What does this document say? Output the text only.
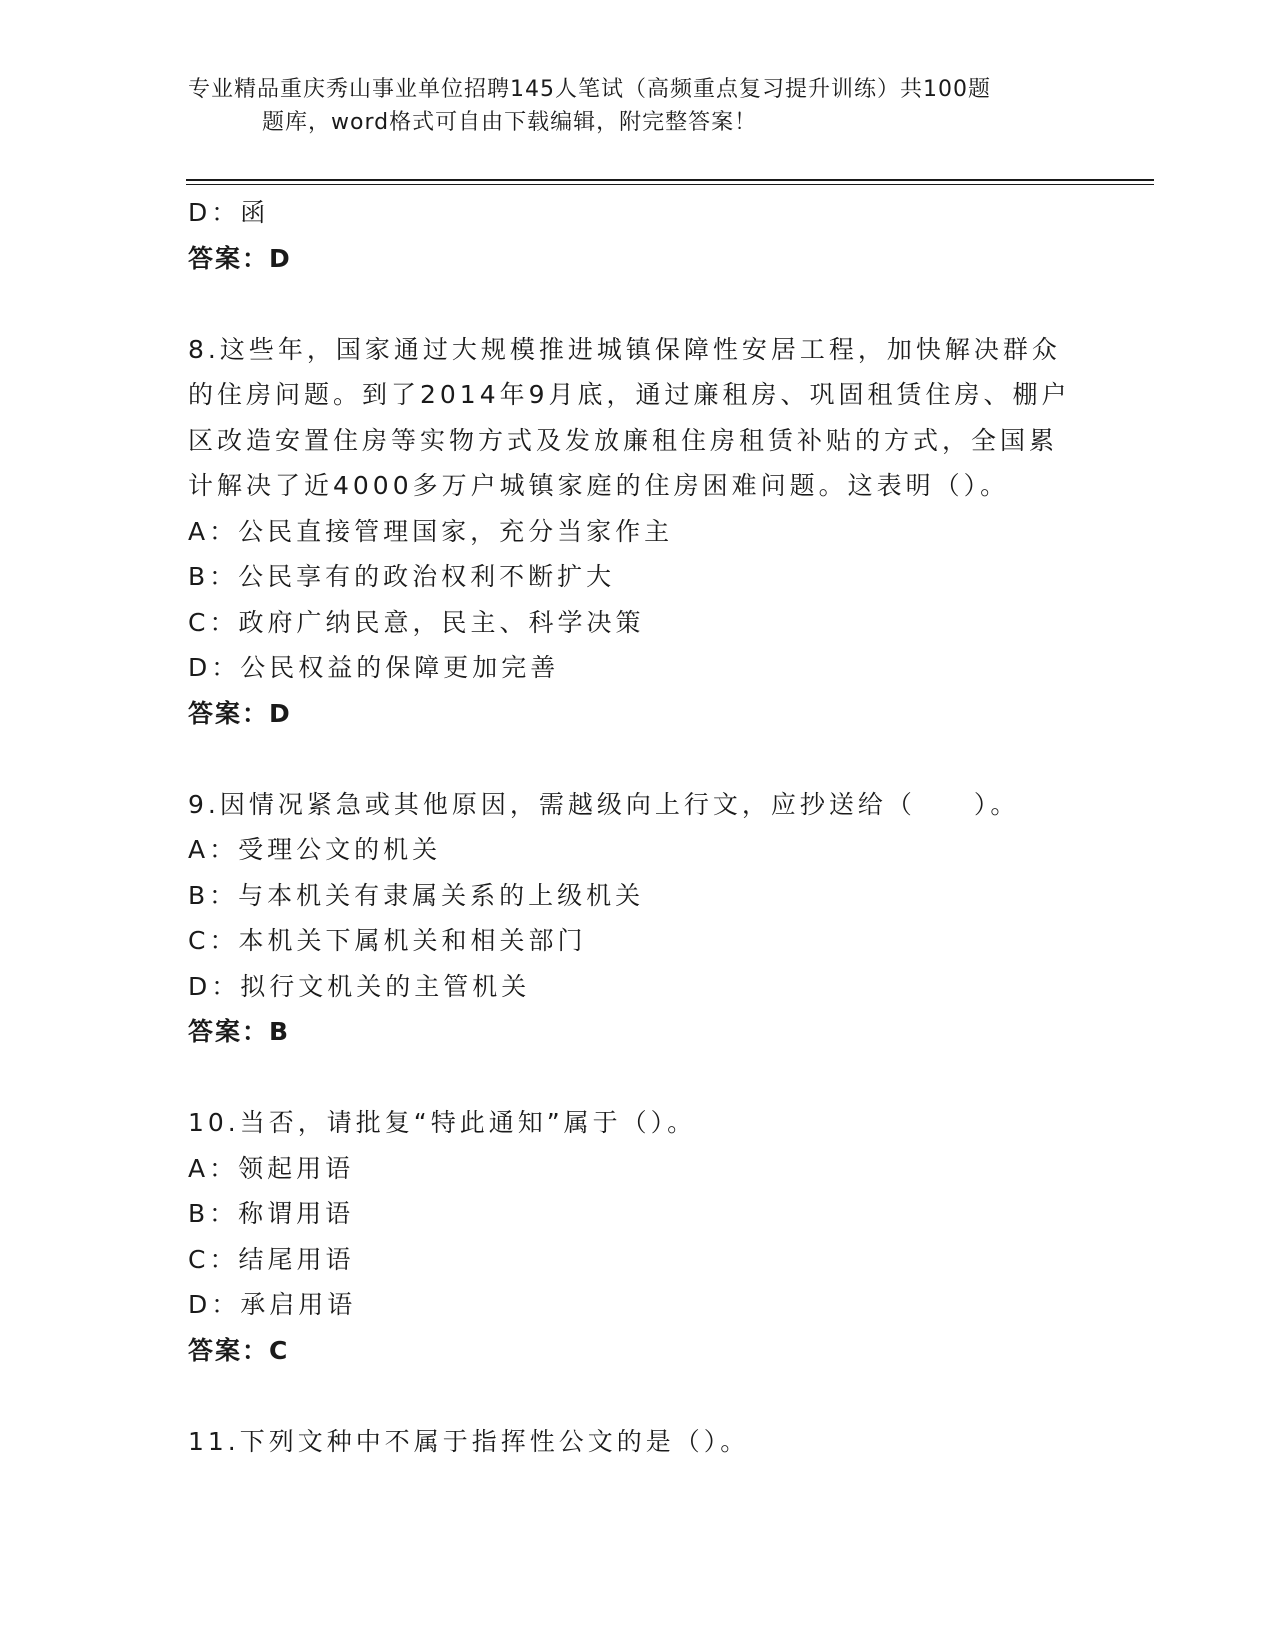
专业精品重庆秀山事业单位招聘145人笔试（高频重点复习提升训练）共100题
题库，word格式可自由下载编辑，附完整答案！
D：函
答案：D
8.这些年，国家通过大规模推进城镇保障性安居工程，加快解决群众
的住房问题。到了2014年9月底，通过廉租房、巩固租赁住房、棚户
区改造安置住房等实物方式及发放廉租住房租赁补贴的方式，全国累
计解决了近4000多万户城镇家庭的住房困难问题。这表明（）。
A：公民直接管理国家，充分当家作主
B：公民享有的政治权利不断扩大
C：政府广纳民意，民主、科学决策
D：公民权益的保障更加完善
答案：D
9.因情况紧急或其他原因，需越级向上行文，应抄送给（　　）。
A：受理公文的机关
B：与本机关有隶属关系的上级机关
C：本机关下属机关和相关部门
D：拟行文机关的主管机关
答案：B
10.当否，请批复“特此通知”属于（）。
A：领起用语
B：称谓用语
C：结尾用语
D：承启用语
答案：C
11.下列文种中不属于指挥性公文的是（）。
